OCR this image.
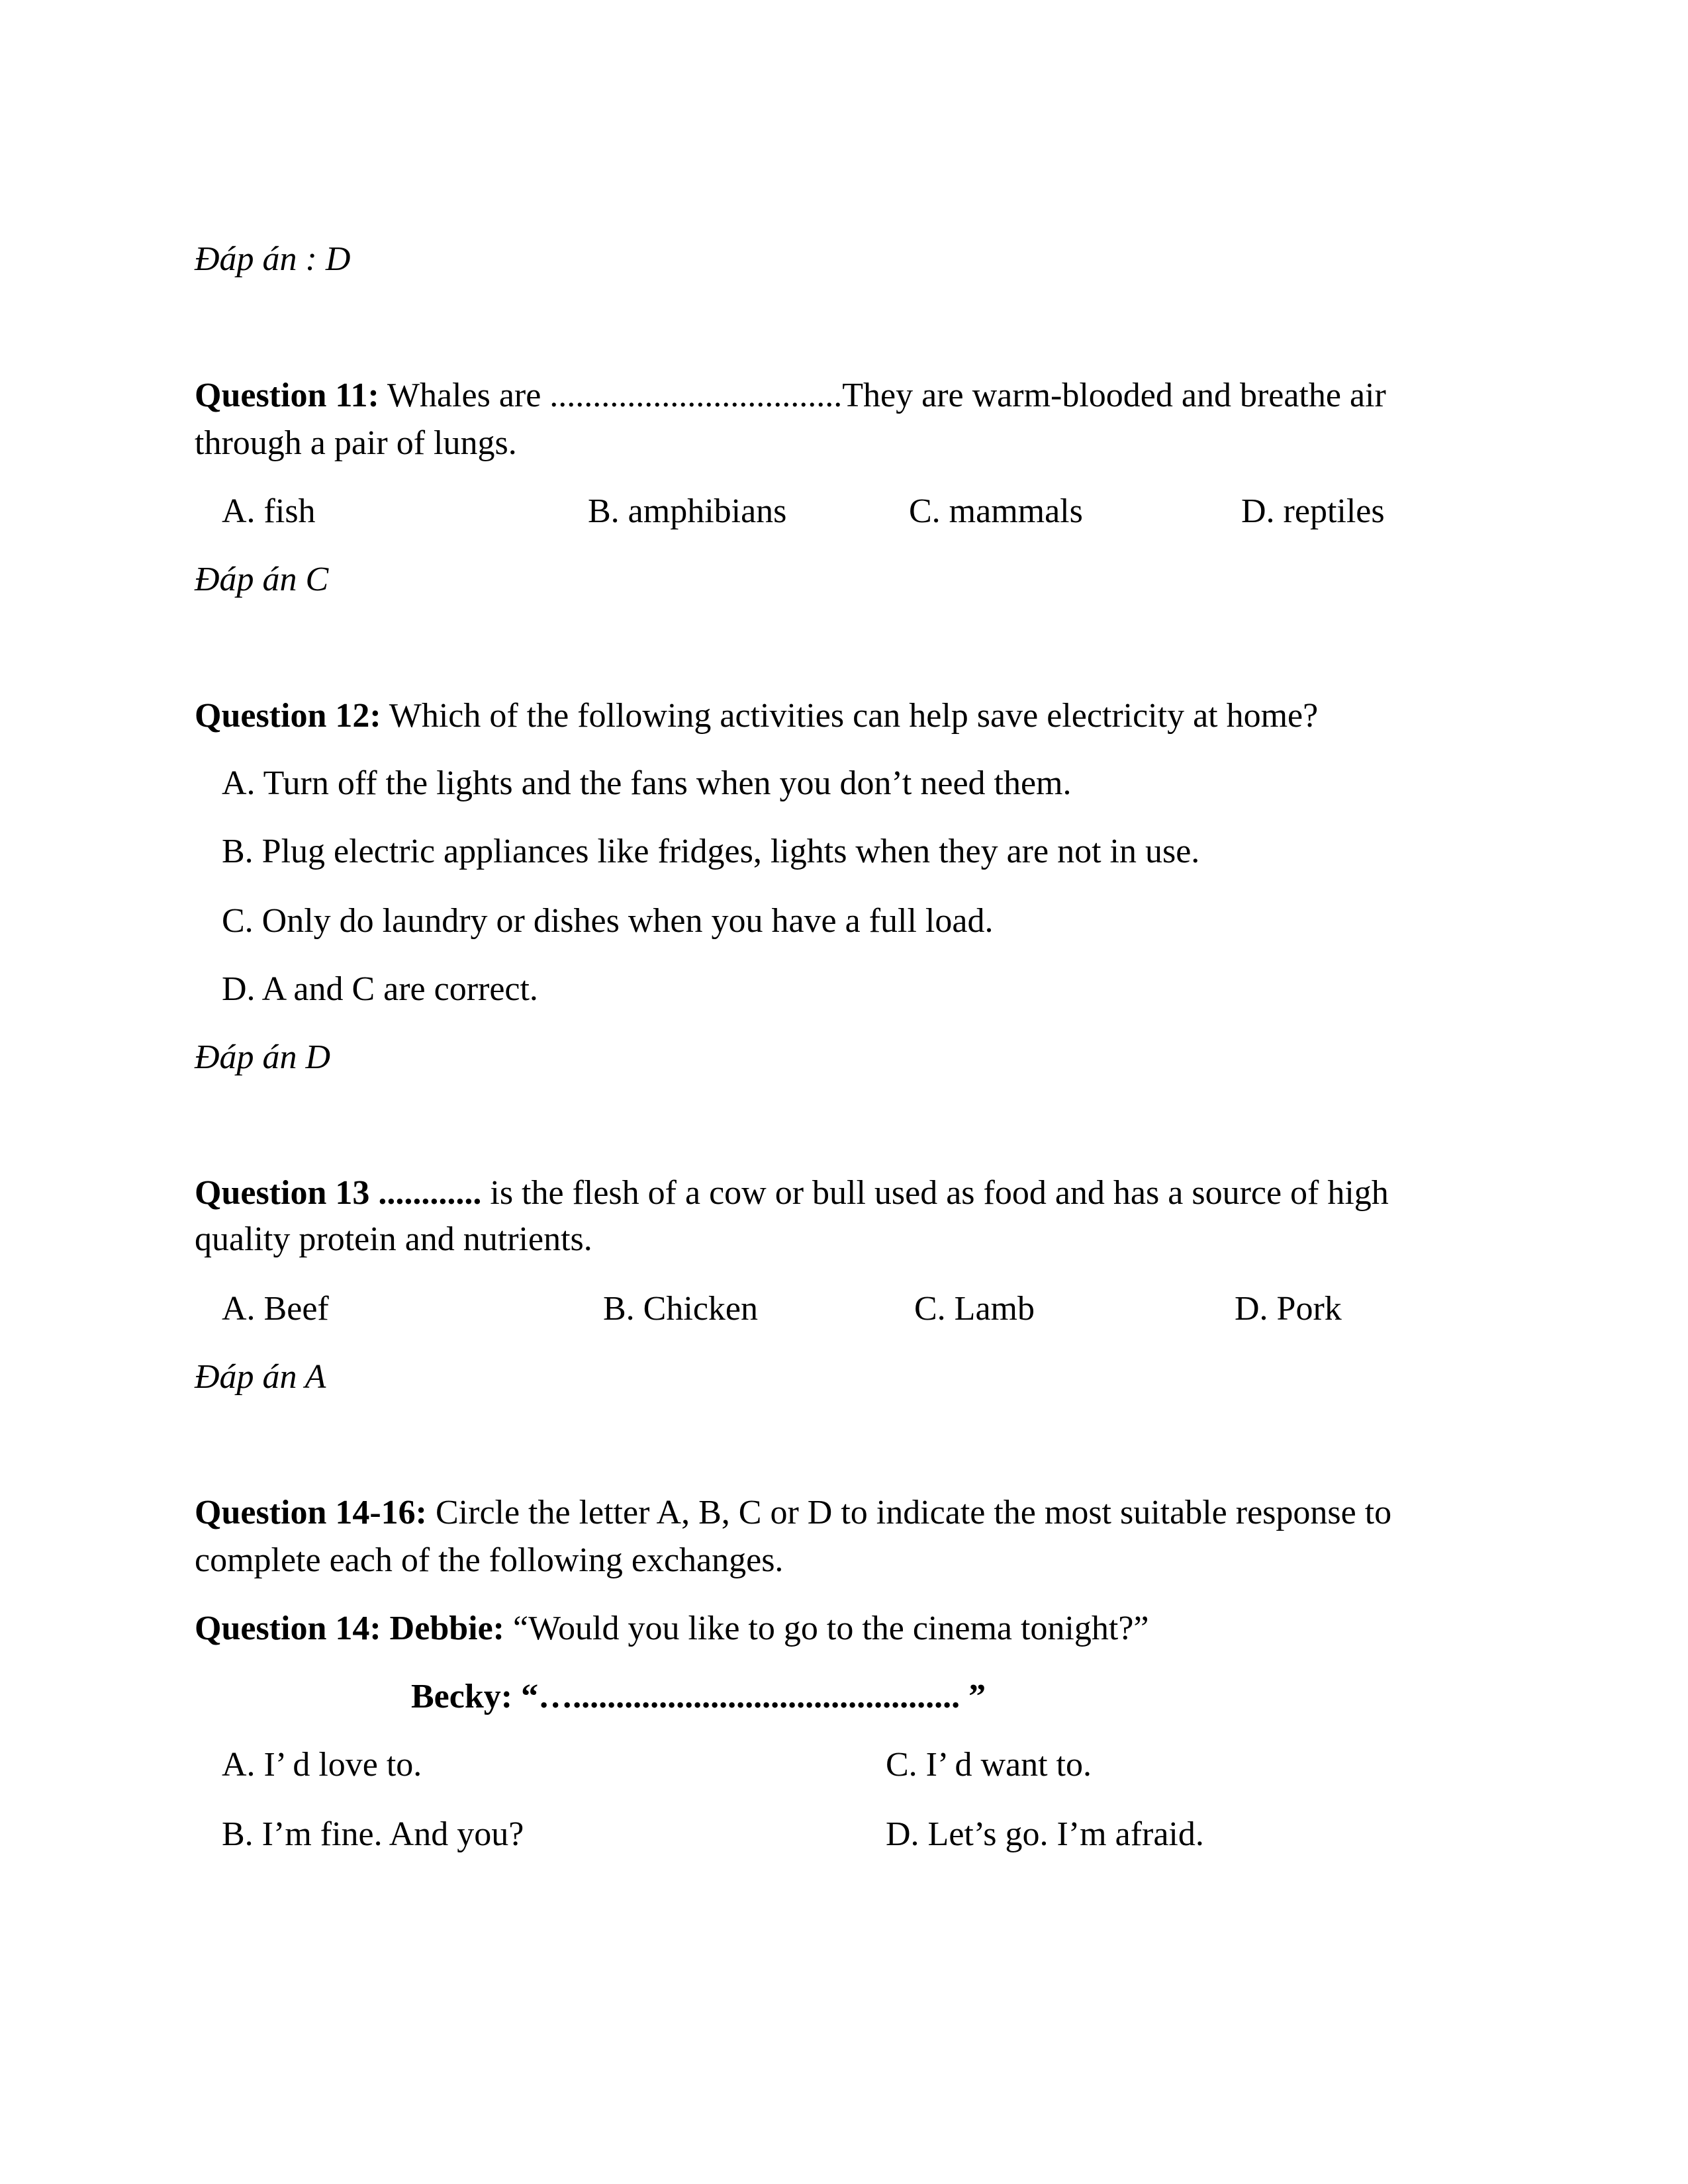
Đáp án : D
Question 11: Whales are ..................................They are warm-blooded and breathe air
through a pair of lungs.
A. fish	B. amphibians	C. mammals	D. reptiles
Đáp án C
Question 12: Which of the following activities can help save electricity at home?
A. Turn off the lights and the fans when you don’t need them.
B. Plug electric appliances like fridges, lights when they are not in use.
C. Only do laundry or dishes when you have a full load.
D. A and C are correct.
Đáp án D
Question 13 ............ is the flesh of a cow or bull used as food and has a source of high
quality protein and nutrients.
A. Beef	B. Chicken	C. Lamb	D. Pork
Đáp án A
Question 14-16: Circle the letter A, B, C or D to indicate the most suitable response to
complete each of the following exchanges.
Question 14: Debbie: “Would you like to go to the cinema tonight?”
Becky: “…............................................. ”
A. I’ d love to.	C. I’ d want to.
B. I’m fine. And you?	D. Let’s go. I’m afraid.
